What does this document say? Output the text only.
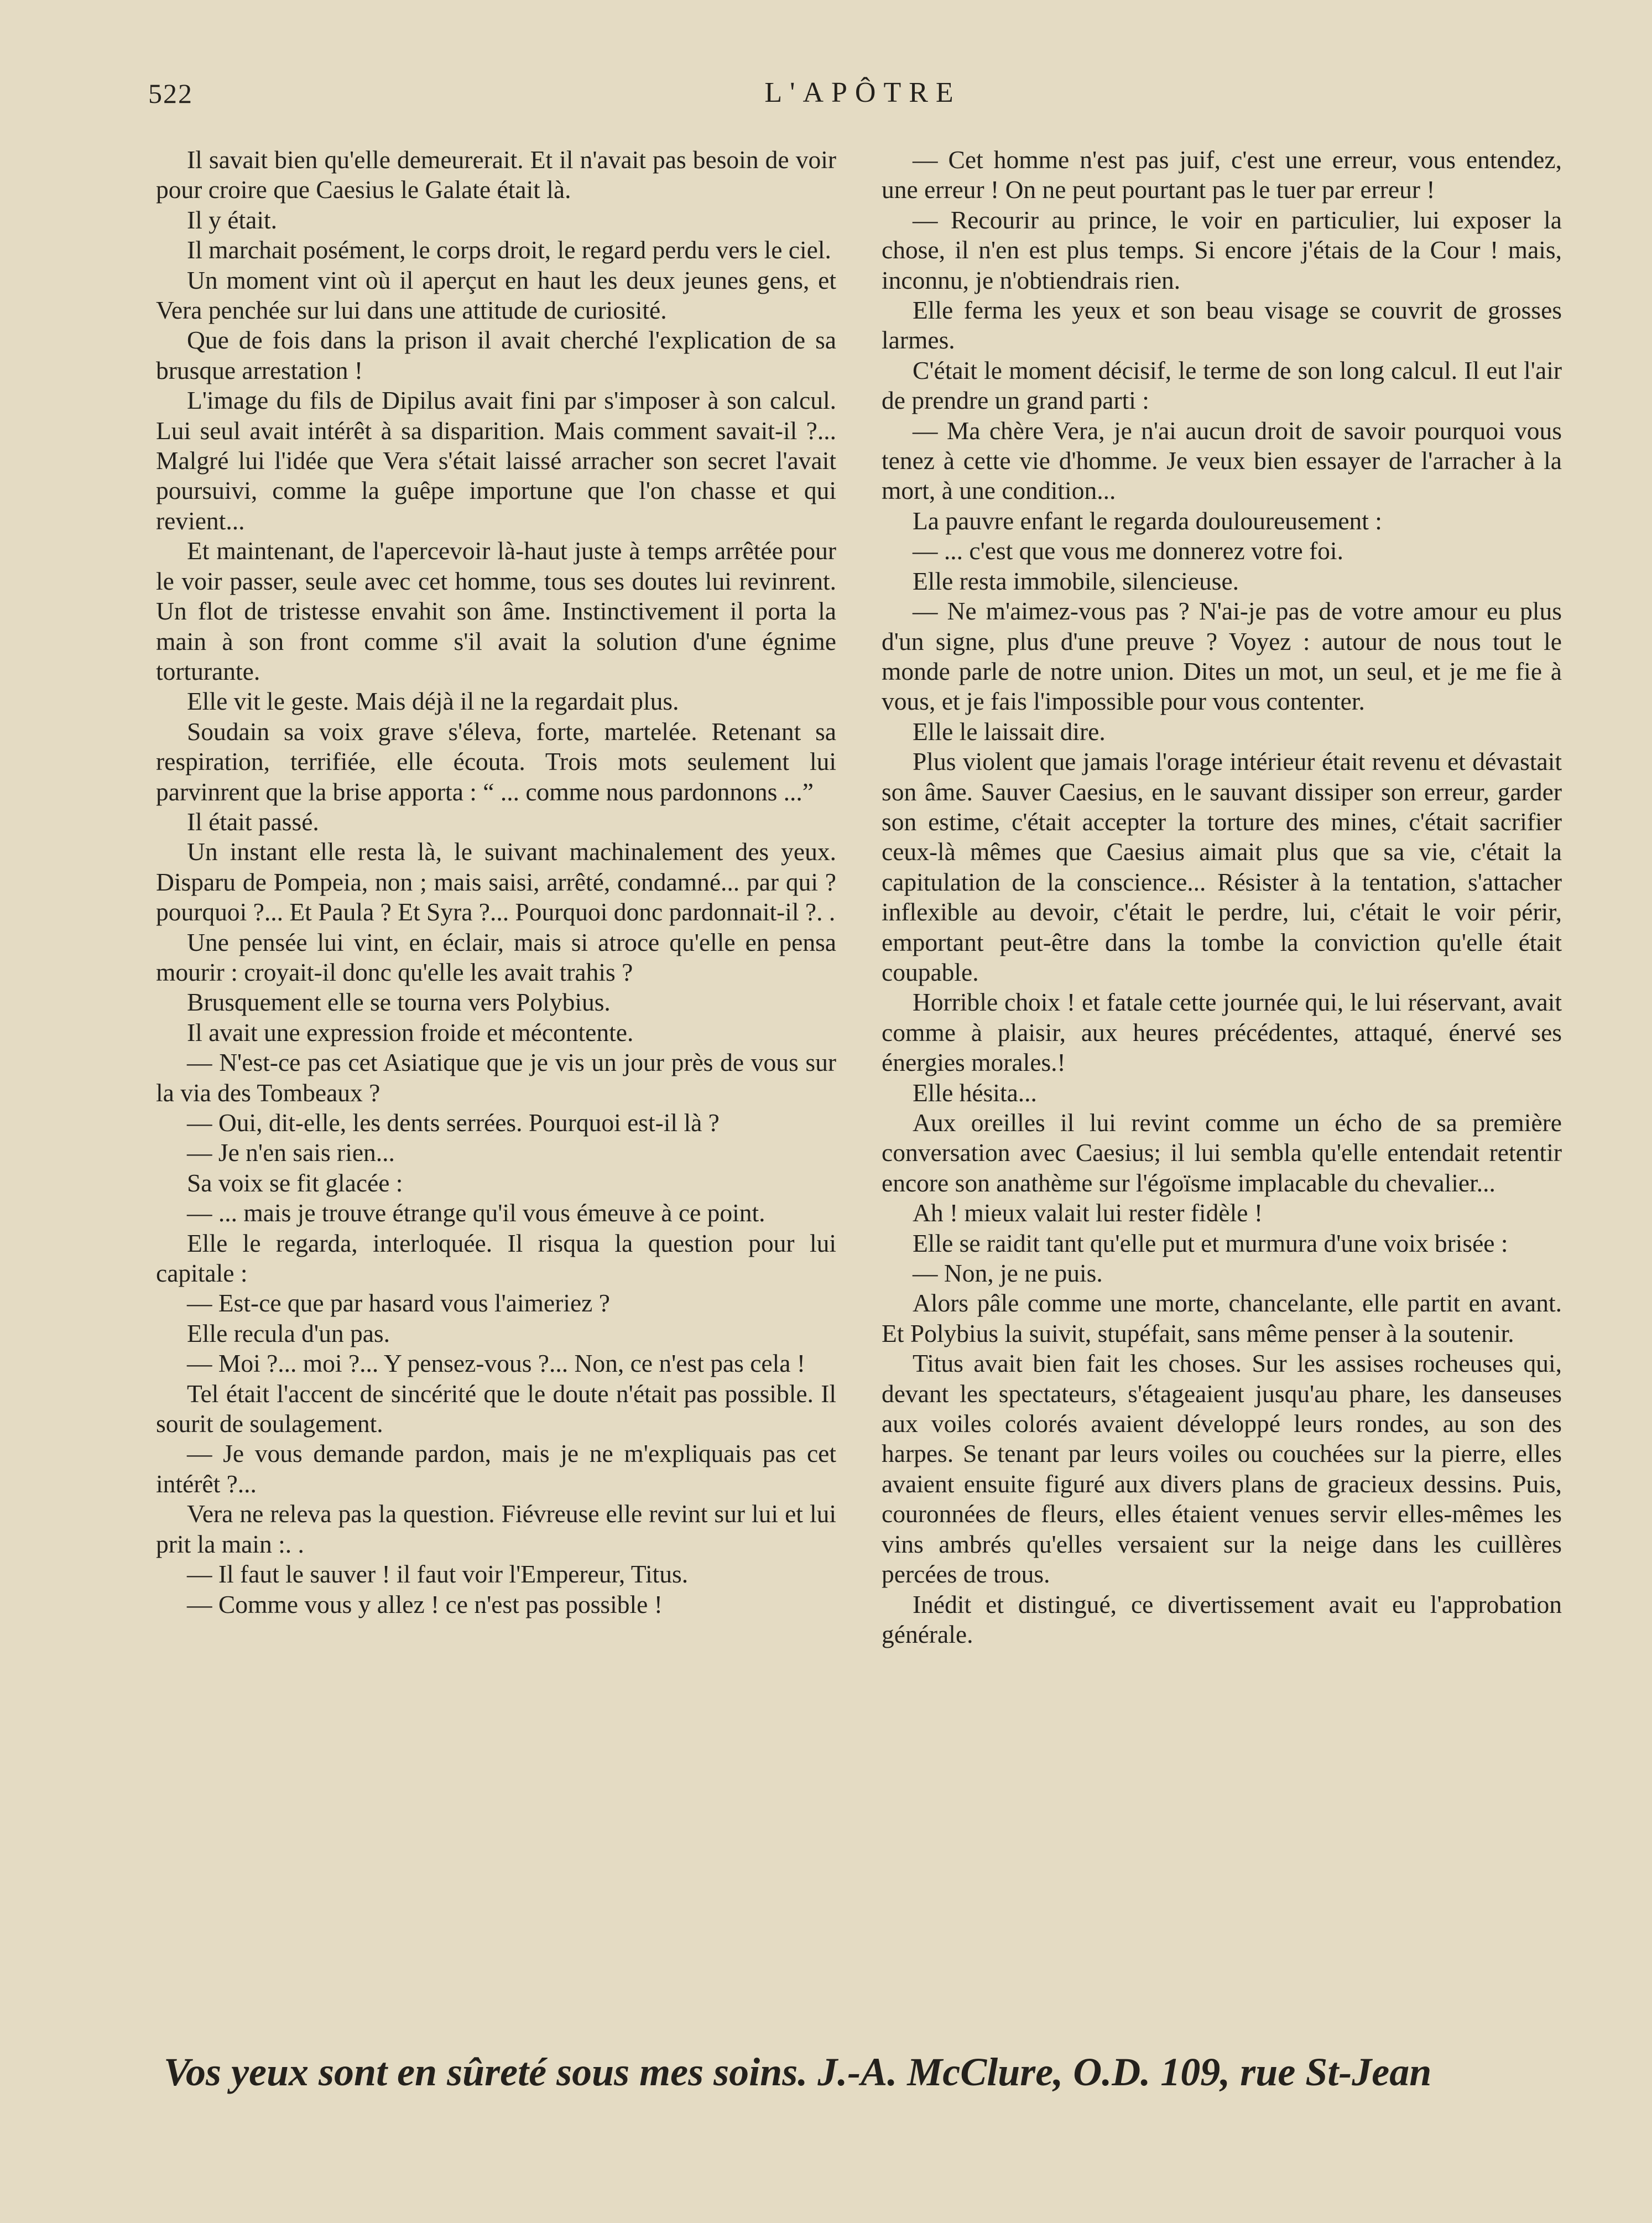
522	L'APÔTRE

Il savait bien qu'elle demeurerait. Et il n'avait pas besoin de voir pour croire que Caesius le Galate était là.

Il y était.

Il marchait posément, le corps droit, le regard perdu vers le ciel.

Un moment vint où il aperçut en haut les deux jeunes gens, et Vera penchée sur lui dans une attitude de curiosité.

Que de fois dans la prison il avait cherché l'explication de sa brusque arrestation !

L'image du fils de Dipilus avait fini par s'imposer à son calcul. Lui seul avait intérêt à sa disparition. Mais comment savait-il ?... Malgré lui l'idée que Vera s'était laissé arracher son secret l'avait poursuivi, comme la guêpe importune que l'on chasse et qui revient...

Et maintenant, de l'apercevoir là-haut juste à temps arrêtée pour le voir passer, seule avec cet homme, tous ses doutes lui revinrent. Un flot de tristesse envahit son âme. Instinctivement il porta la main à son front comme s'il avait la solution d'une égnime torturante.

Elle vit le geste. Mais déjà il ne la regardait plus.

Soudain sa voix grave s'éleva, forte, martelée. Retenant sa respiration, terrifiée, elle écouta. Trois mots seulement lui parvinrent que la brise apporta : “ ... comme nous pardonnons ...”

Il était passé.

Un instant elle resta là, le suivant machinalement des yeux. Disparu de Pompeia, non ; mais saisi, arrêté, condamné... par qui ? pourquoi ?... Et Paula ? Et Syra ?... Pourquoi donc pardonnait-il ?. .

Une pensée lui vint, en éclair, mais si atroce qu'elle en pensa mourir : croyait-il donc qu'elle les avait trahis ?

Brusquement elle se tourna vers Polybius.

Il avait une expression froide et mécontente.

— N'est-ce pas cet Asiatique que je vis un jour près de vous sur la via des Tombeaux ?

— Oui, dit-elle, les dents serrées. Pourquoi est-il là ?

— Je n'en sais rien...

Sa voix se fit glacée :

— ... mais je trouve étrange qu'il vous émeuve à ce point.

Elle le regarda, interloquée. Il risqua la question pour lui capitale :

— Est-ce que par hasard vous l'aimeriez ?

Elle recula d'un pas.

— Moi ?... moi ?... Y pensez-vous ?... Non, ce n'est pas cela !

Tel était l'accent de sincérité que le doute n'était pas possible. Il sourit de soulagement.

— Je vous demande pardon, mais je ne m'expliquais pas cet intérêt ?...

Vera ne releva pas la question. Fiévreuse elle revint sur lui et lui prit la main :. .

— Il faut le sauver ! il faut voir l'Empereur, Titus.

— Comme vous y allez ! ce n'est pas possible !

— Cet homme n'est pas juif, c'est une erreur, vous entendez, une erreur ! On ne peut pourtant pas le tuer par erreur !

— Recourir au prince, le voir en particulier, lui exposer la chose, il n'en est plus temps. Si encore j'étais de la Cour ! mais, inconnu, je n'obtiendrais rien.

Elle ferma les yeux et son beau visage se couvrit de grosses larmes.

C'était le moment décisif, le terme de son long calcul. Il eut l'air de prendre un grand parti :

— Ma chère Vera, je n'ai aucun droit de savoir pourquoi vous tenez à cette vie d'homme. Je veux bien essayer de l'arracher à la mort, à une condition...

La pauvre enfant le regarda douloureusement :

— ... c'est que vous me donnerez votre foi.

Elle resta immobile, silencieuse.

— Ne m'aimez-vous pas ? N'ai-je pas de votre amour eu plus d'un signe, plus d'une preuve ? Voyez : autour de nous tout le monde parle de notre union. Dites un mot, un seul, et je me fie à vous, et je fais l'impossible pour vous contenter.

Elle le laissait dire.

Plus violent que jamais l'orage intérieur était revenu et dévastait son âme. Sauver Caesius, en le sauvant dissiper son erreur, garder son estime, c'était accepter la torture des mines, c'était sacrifier ceux-là mêmes que Caesius aimait plus que sa vie, c'était la capitulation de la conscience... Résister à la tentation, s'attacher inflexible au devoir, c'était le perdre, lui, c'était le voir périr, emportant peut-être dans la tombe la conviction qu'elle était coupable.

Horrible choix ! et fatale cette journée qui, le lui réservant, avait comme à plaisir, aux heures précédentes, attaqué, énervé ses énergies morales.!

Elle hésita...

Aux oreilles il lui revint comme un écho de sa première conversation avec Caesius; il lui sembla qu'elle entendait retentir encore son anathème sur l'égoïsme implacable du chevalier...

Ah ! mieux valait lui rester fidèle !

Elle se raidit tant qu'elle put et murmura d'une voix brisée :

— Non, je ne puis.

Alors pâle comme une morte, chancelante, elle partit en avant. Et Polybius la suivit, stupéfait, sans même penser à la soutenir.

Titus avait bien fait les choses. Sur les assises rocheuses qui, devant les spectateurs, s'étageaient jusqu'au phare, les danseuses aux voiles colorés avaient développé leurs rondes, au son des harpes. Se tenant par leurs voiles ou couchées sur la pierre, elles avaient ensuite figuré aux divers plans de gracieux dessins. Puis, couronnées de fleurs, elles étaient venues servir elles-mêmes les vins ambrés qu'elles versaient sur la neige dans les cuillères percées de trous.

Inédit et distingué, ce divertissement avait eu l'approbation générale.

Vos yeux sont en sûreté sous mes soins. J.-A. McClure, O.D. 109, rue St-Jean
